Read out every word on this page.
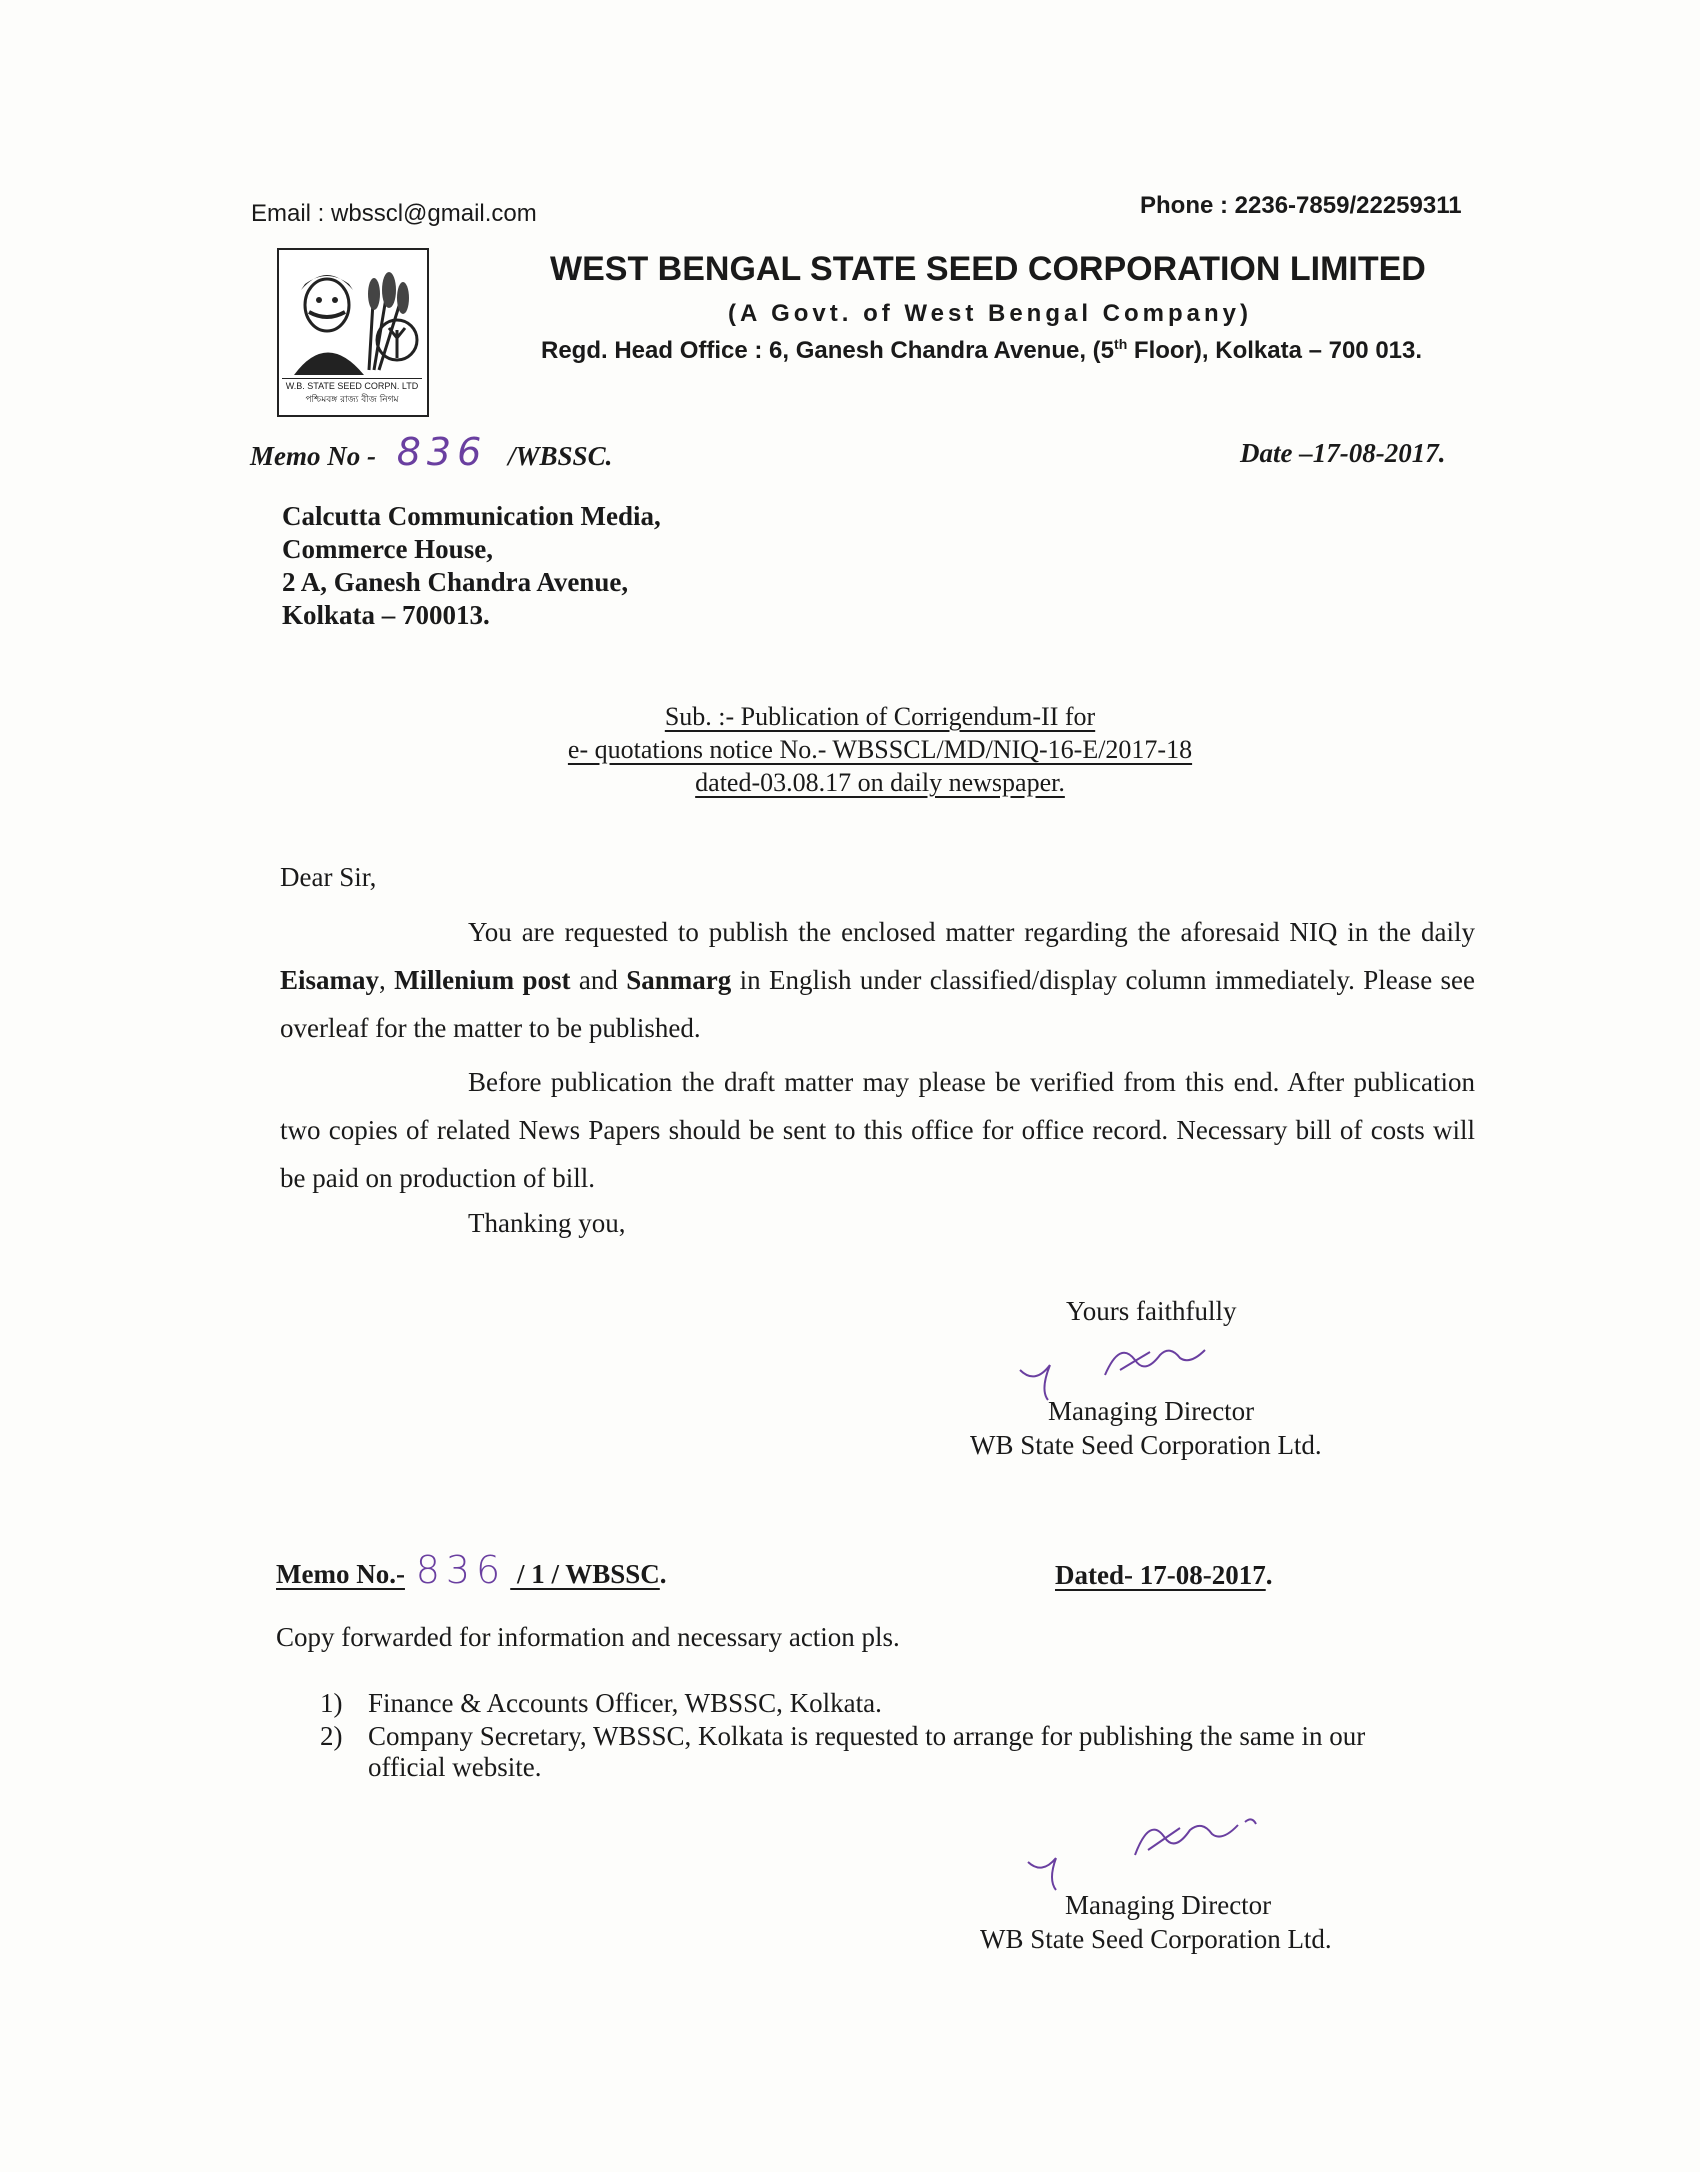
Email : wbsscl@gmail.com	Phone : 2236-7859/22259311
W.B. STATE SEED CORPN. LTD
পশ্চিমবঙ্গ রাজ্য বীজ নিগম
WEST BENGAL STATE SEED CORPORATION LIMITED
(A Govt. of West Bengal Company)
Regd. Head Office : 6, Ganesh Chandra Avenue, (5th Floor), Kolkata – 700 013.
Memo No - 836 /WBSSC.	Date –17-08-2017.
Calcutta Communication Media,
Commerce House,
2 A, Ganesh Chandra Avenue,
Kolkata – 700013.
Sub. :- Publication of Corrigendum-II for
e- quotations notice No.- WBSSCL/MD/NIQ-16-E/2017-18
dated-03.08.17 on daily newspaper.
Dear Sir,
You are requested to publish the enclosed matter regarding the aforesaid NIQ in the daily Eisamay, Millenium post and Sanmarg in English under classified/display column immediately. Please see overleaf for the matter to be published.
Before publication the draft matter may please be verified from this end. After publication two copies of related News Papers should be sent to this office for office record. Necessary bill of costs will be paid on production of bill.
Thanking you,
Yours faithfully
Managing Director
WB State Seed Corporation Ltd.
Memo No.- 836 / 1 / WBSSC.	Dated- 17-08-2017.
Copy forwarded for information and necessary action pls.
1) Finance & Accounts Officer, WBSSC, Kolkata.
2) Company Secretary, WBSSC, Kolkata is requested to arrange for publishing the same in our official website.
Managing Director
WB State Seed Corporation Ltd.
